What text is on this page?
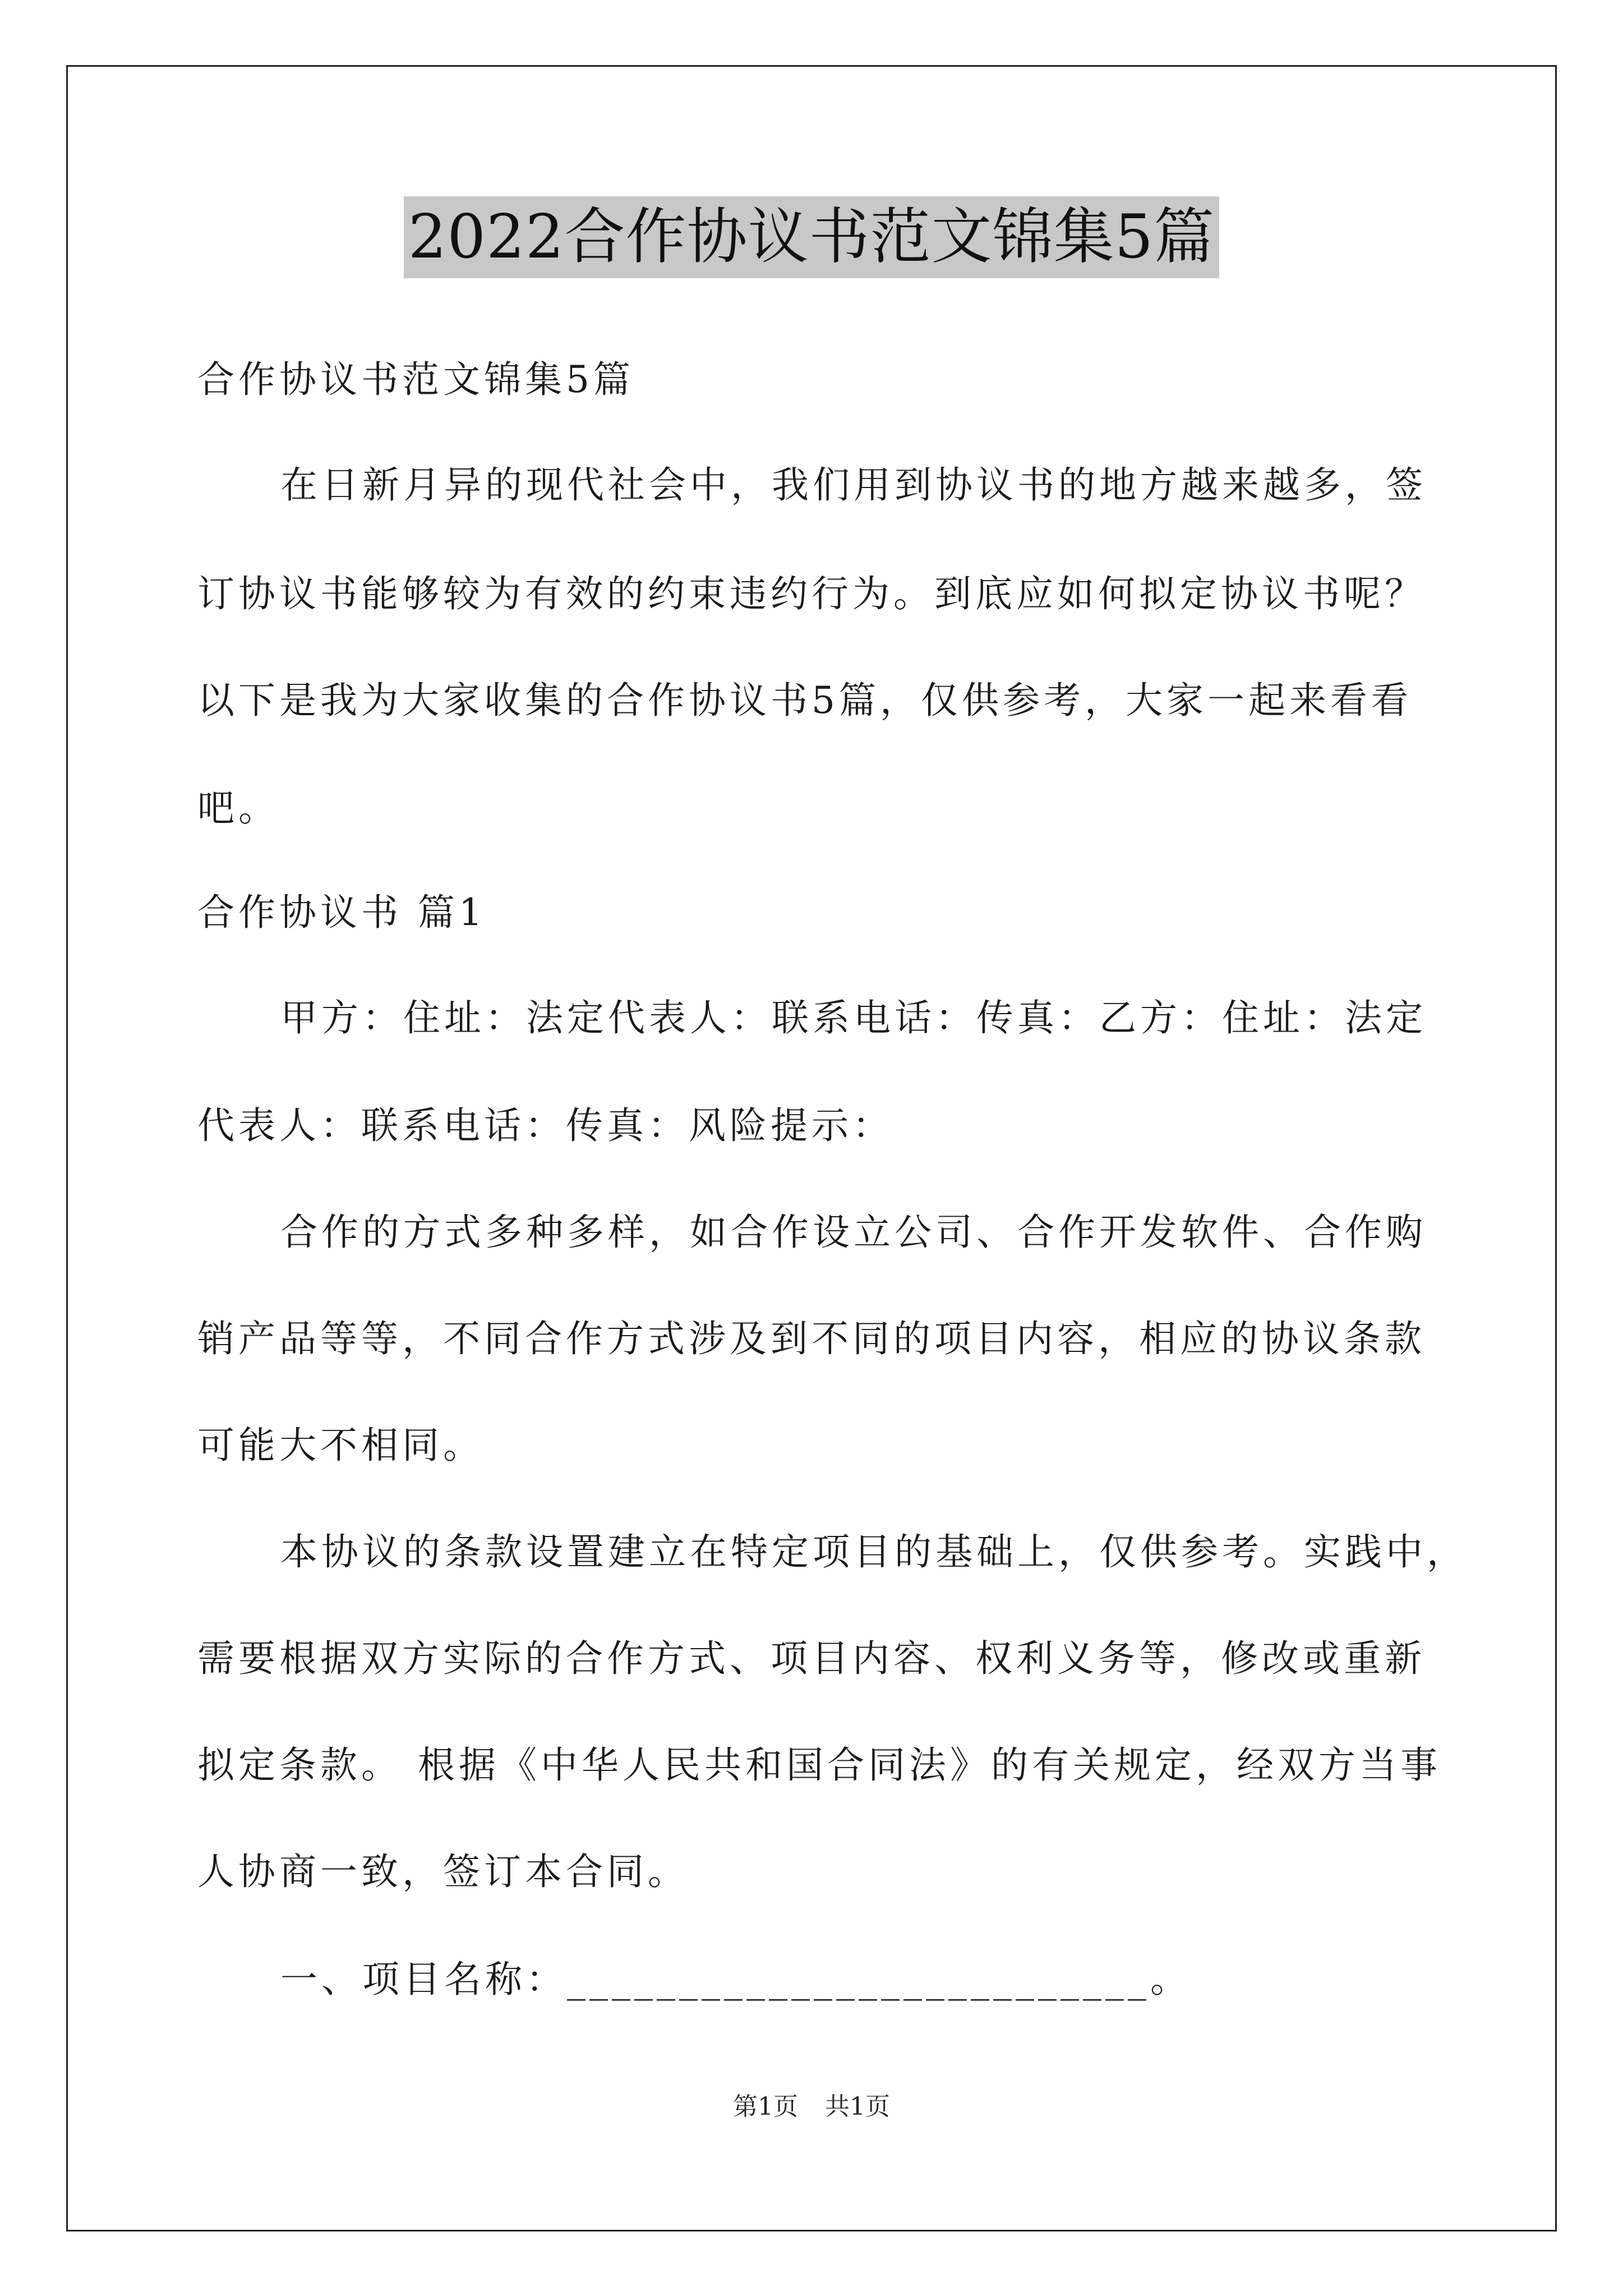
2022合作协议书范文锦集5篇
合作协议书范文锦集5篇
在日新月异的现代社会中，我们用到协议书的地方越来越多，签
订协议书能够较为有效的约束违约行为。到底应如何拟定协议书呢？
以下是我为大家收集的合作协议书5篇，仅供参考，大家一起来看看
吧。
合作协议书 篇1
甲方：住址：法定代表人：联系电话：传真：乙方：住址：法定
代表人：联系电话：传真：风险提示：
合作的方式多种多样，如合作设立公司、合作开发软件、合作购
销产品等等，不同合作方式涉及到不同的项目内容，相应的协议条款
可能大不相同。
本协议的条款设置建立在特定项目的基础上，仅供参考。实践中，
需要根据双方实际的合作方式、项目内容、权利义务等，修改或重新
拟定条款。 根据《中华人民共和国合同法》的有关规定，经双方当事
人协商一致，签订本合同。
一、项目名称：__________________________。
第1页 共1页
